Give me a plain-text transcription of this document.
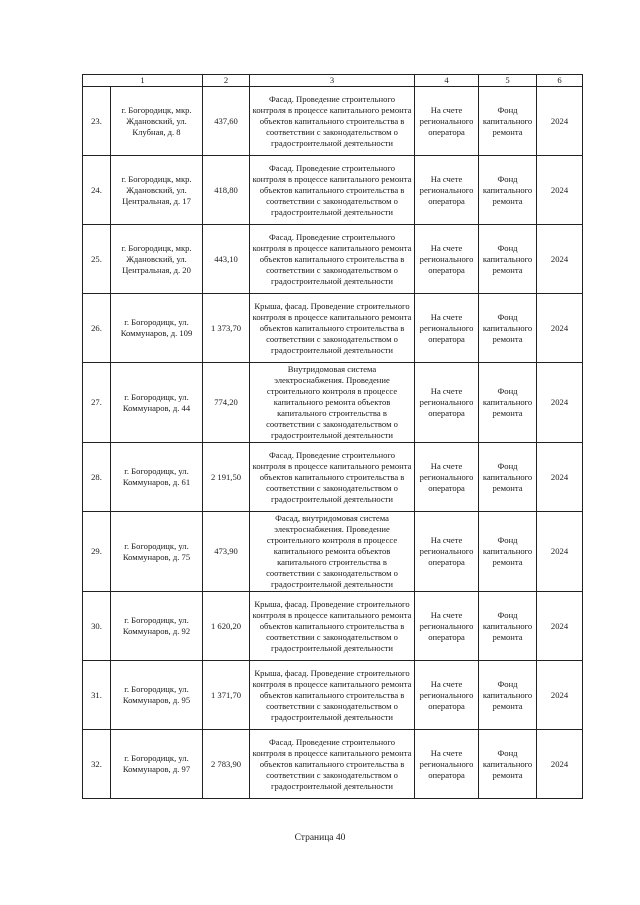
1		2	3	4	5	6
23.	г. Богородицк, мкр. Ждановский, ул. Клубная, д. 8	437,60	Фасад. Проведение строительного контроля в процессе капитального ремонта объектов капитального строительства в соответствии с законодательством о градостроительной деятельности	На счете регионального оператора	Фонд капитального ремонта	2024
24.	г. Богородицк, мкр. Ждановский, ул. Центральная, д. 17	418,80	Фасад. Проведение строительного контроля в процессе капитального ремонта объектов капитального строительства в соответствии с законодательством о градостроительной деятельности	На счете регионального оператора	Фонд капитального ремонта	2024
25.	г. Богородицк, мкр. Ждановский, ул. Центральная, д. 20	443,10	Фасад. Проведение строительного контроля в процессе капитального ремонта объектов капитального строительства в соответствии с законодательством о градостроительной деятельности	На счете регионального оператора	Фонд капитального ремонта	2024
26.	г. Богородицк, ул. Коммунаров, д. 109	1 373,70	Крыша, фасад. Проведение строительного контроля в процессе капитального ремонта объектов капитального строительства в соответствии с законодательством о градостроительной деятельности	На счете регионального оператора	Фонд капитального ремонта	2024
27.	г. Богородицк, ул. Коммунаров, д. 44	774,20	Внутридомовая система электроснабжения. Проведение строительного контроля в процессе капитального ремонта объектов капитального строительства в соответствии с законодательством о градостроительной деятельности	На счете регионального оператора	Фонд капитального ремонта	2024
28.	г. Богородицк, ул. Коммунаров, д. 61	2 191,50	Фасад. Проведение строительного контроля в процессе капитального ремонта объектов капитального строительства в соответствии с законодательством о градостроительной деятельности	На счете регионального оператора	Фонд капитального ремонта	2024
29.	г. Богородицк, ул. Коммунаров, д. 75	473,90	Фасад, внутридомовая система электроснабжения. Проведение строительного контроля в процессе капитального ремонта объектов капитального строительства в соответствии с законодательством о градостроительной деятельности	На счете регионального оператора	Фонд капитального ремонта	2024
30.	г. Богородицк, ул. Коммунаров, д. 92	1 620,20	Крыша, фасад. Проведение строительного контроля в процессе капитального ремонта объектов капитального строительства в соответствии с законодательством о градостроительной деятельности	На счете регионального оператора	Фонд капитального ремонта	2024
31.	г. Богородицк, ул. Коммунаров, д. 95	1 371,70	Крыша, фасад. Проведение строительного контроля в процессе капитального ремонта объектов капитального строительства в соответствии с законодательством о градостроительной деятельности	На счете регионального оператора	Фонд капитального ремонта	2024
32.	г. Богородицк, ул. Коммунаров, д. 97	2 783,90	Фасад. Проведение строительного контроля в процессе капитального ремонта объектов капитального строительства в соответствии с законодательством о градостроительной деятельности	На счете регионального оператора	Фонд капитального ремонта	2024
Страница 40
